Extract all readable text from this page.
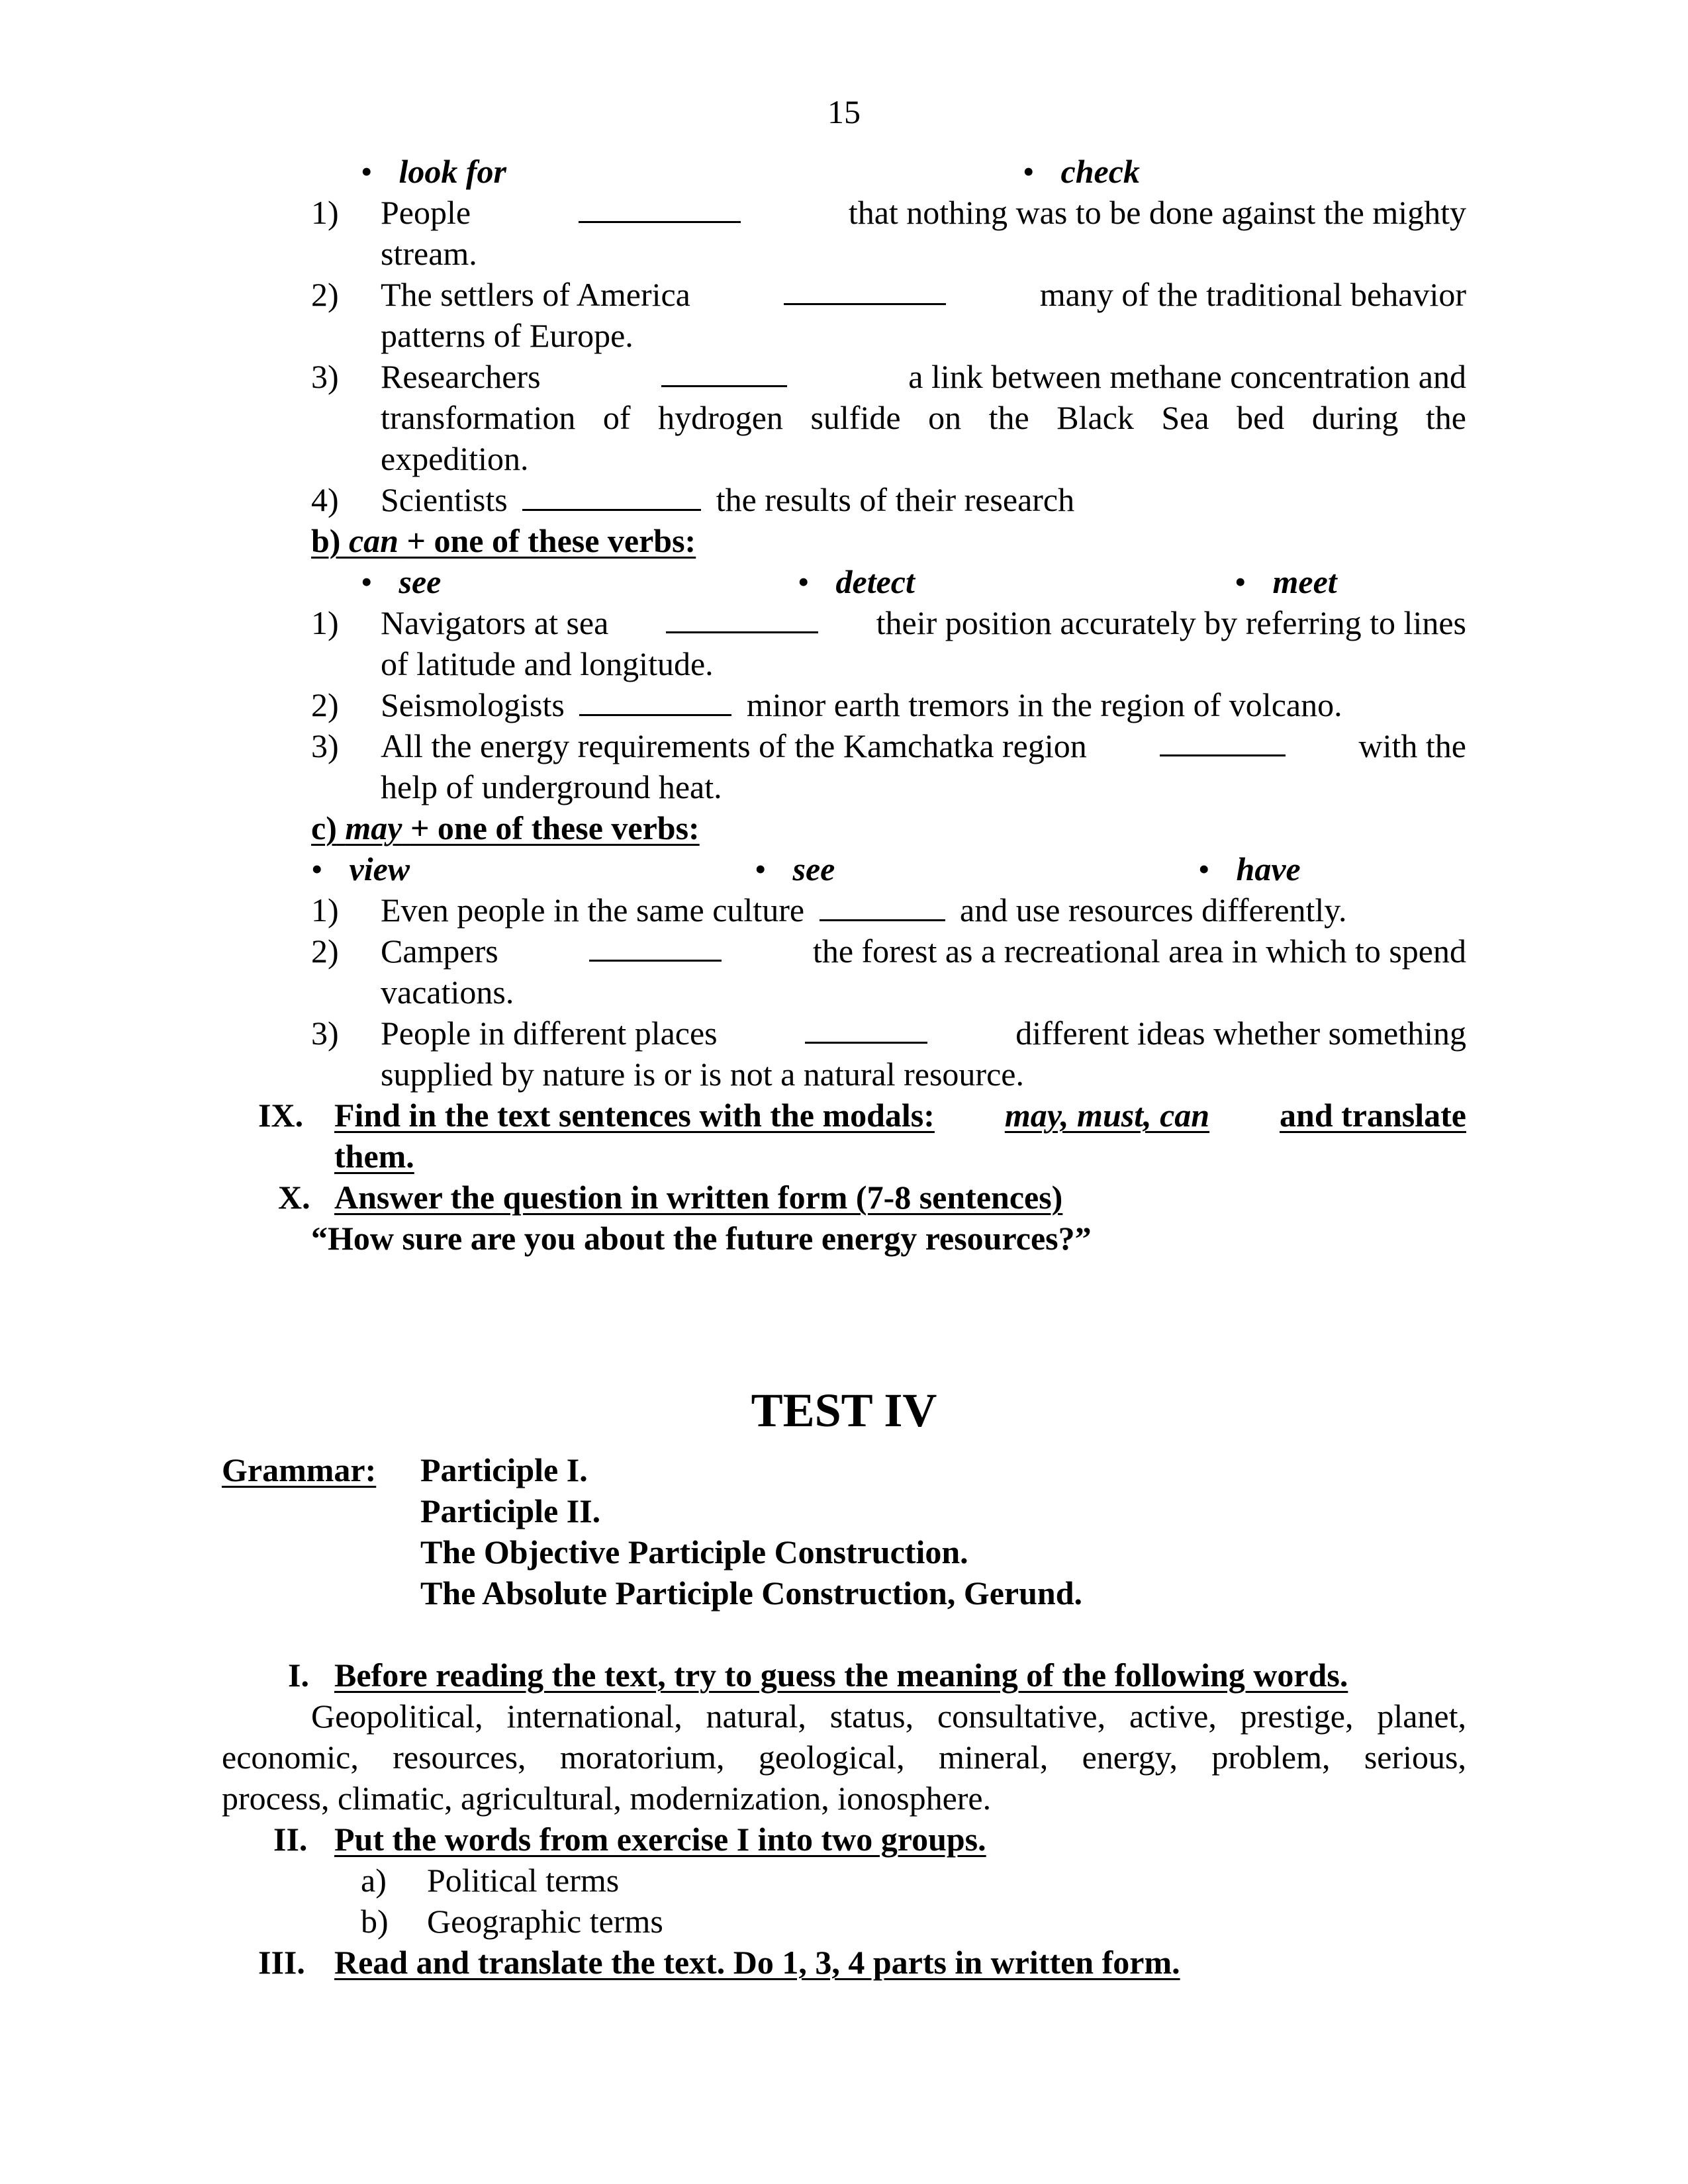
15
• look for	• check
1) People	that nothing was to be done against the mighty
stream.
2) The settlers of America	many of the traditional behavior
patterns of Europe.
3) Researchers	a link between methane concentration and
transformation of hydrogen sulfide on the Black Sea bed during the
expedition.
4) Scientists	the results of their research
b) can + one of these verbs:
• see	• detect	• meet
1) Navigators at sea	their position accurately by referring to lines
of latitude and longitude.
2) Seismologists	minor earth tremors in the region of volcano.
3) All the energy requirements of the Kamchatka region	with the
help of underground heat.
c) may + one of these verbs:
• view	• see	• have
1) Even people in the same culture	and use resources differently.
2) Campers	the forest as a recreational area in which to spend
vacations.
3) People in different places	different ideas whether something
supplied by nature is or is not a natural resource.
IX. Find in the text sentences with the modals: may, must, can and translate
them.
X. Answer the question in written form (7-8 sentences)
“How sure are you about the future energy resources?”
Grammar: Participle I.
Participle II.
The Objective Participle Construction.
The Absolute Participle Construction, Gerund.
I. Before reading the text, try to guess the meaning of the following words.
Geopolitical, international, natural, status, consultative, active, prestige, planet,
economic, resources, moratorium, geological, mineral, energy, problem, serious,
process, climatic, agricultural, modernization, ionosphere.
II. Put the words from exercise I into two groups.
a) Political terms
b) Geographic terms
III. Read and translate the text. Do 1, 3, 4 parts in written form.
TEST IV
